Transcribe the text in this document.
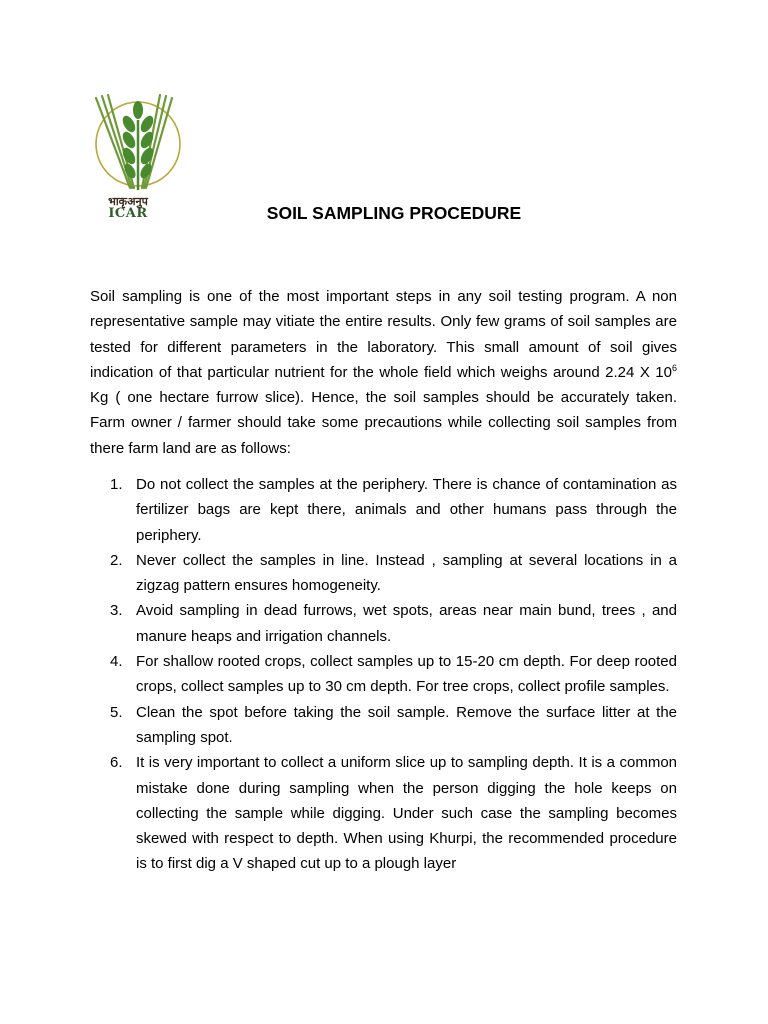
भाकृअनुप
ICAR	SOIL SAMPLING PROCEDURE

Soil sampling is one of the most important steps in any soil testing program. A non representative sample may vitiate the entire results. Only few grams of soil samples are tested for different parameters in the laboratory. This small amount of soil gives indication of that particular nutrient for the whole field which weighs around 2.24 X $10^6$ Kg ( one hectare furrow slice). Hence, the soil samples should be accurately taken. Farm owner / farmer should take some precautions while collecting soil samples from there farm land are as follows:

1. Do not collect the samples at the periphery. There is chance of contamination as fertilizer bags are kept there, animals and other humans pass through the periphery.
2. Never collect the samples in line. Instead , sampling at several locations in a zigzag pattern ensures homogeneity.
3. Avoid sampling in dead furrows, wet spots, areas near main bund, trees , and manure heaps and irrigation channels.
4. For shallow rooted crops, collect samples up to 15-20 cm depth. For deep rooted crops, collect samples up to 30 cm depth. For tree crops, collect profile samples.
5. Clean the spot before taking the soil sample. Remove the surface litter at the sampling spot.
6. It is very important to collect a uniform slice up to sampling depth. It is a common mistake done during sampling when the person digging the hole keeps on collecting the sample while digging. Under such case the sampling becomes skewed with respect to depth. When using Khurpi, the recommended procedure is to first dig a V shaped cut up to a plough layer
